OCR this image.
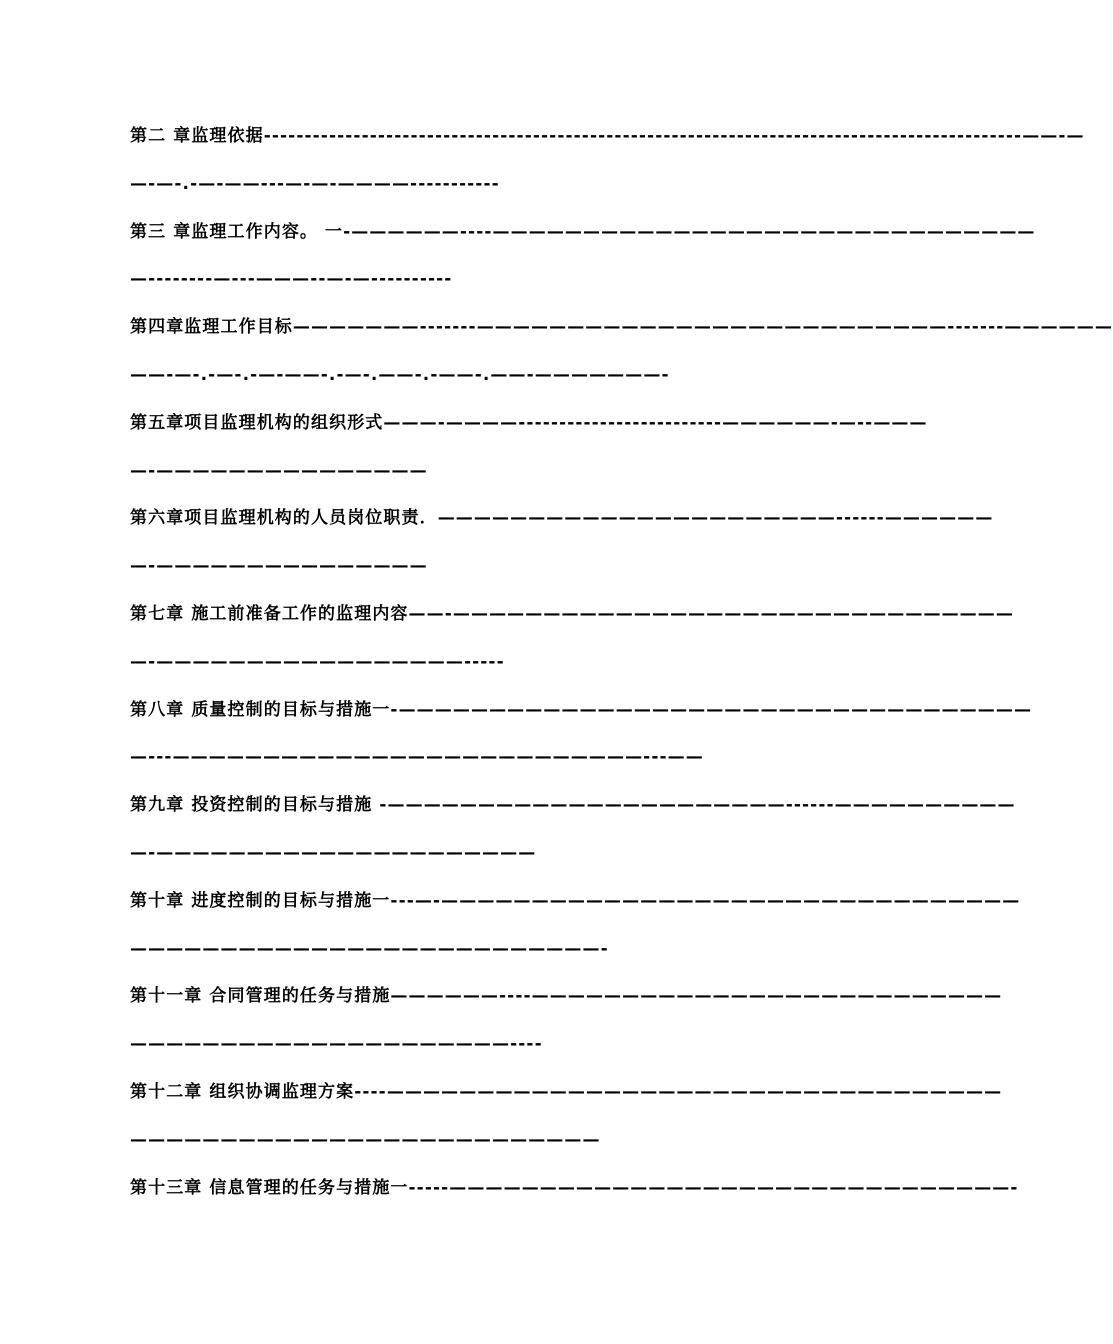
第二 章监理依据---------------------------------------------------------------------------------------------——-—
—-—-.-—-——---—-—-————-----------
第三 章监理工作内容。 一-——————----——————————————————————————————
—--------—---———--—-—----------
第四章监理工作目标———————-------——————————————————————————-------——————
——-—-.-—-.-—-——-.-—-.——-.-——-.——-———————-
第五章项目监理机构的组织形式———-————-------------------------——————-—--———
—-———————————————
第六章项目监理机构的人员岗位职责．——————————————————————------——————
—-———————————————
第七章 施工前准备工作的监理内容——-———————————————————————————————
—-—————————————————-----
第八章 质量控制的目标与措施一-———————————————————————————————————
—---——————————————————————————---——
第九章 投资控制的目标与措施 -——————————————————————------——————————
—-—————————————————————
第十章 进度控制的目标与措施一---—-————————————————————————————————
——————————————————————————-
第十一章 合同管理的任务与措施——————----——————————————————————————
—————————————————————----
第十二章 组织协调监理方案----——————————————————————————————————
——————————————————————————
第十三章 信息管理的任务与措施一-----———————————————————————————————-
